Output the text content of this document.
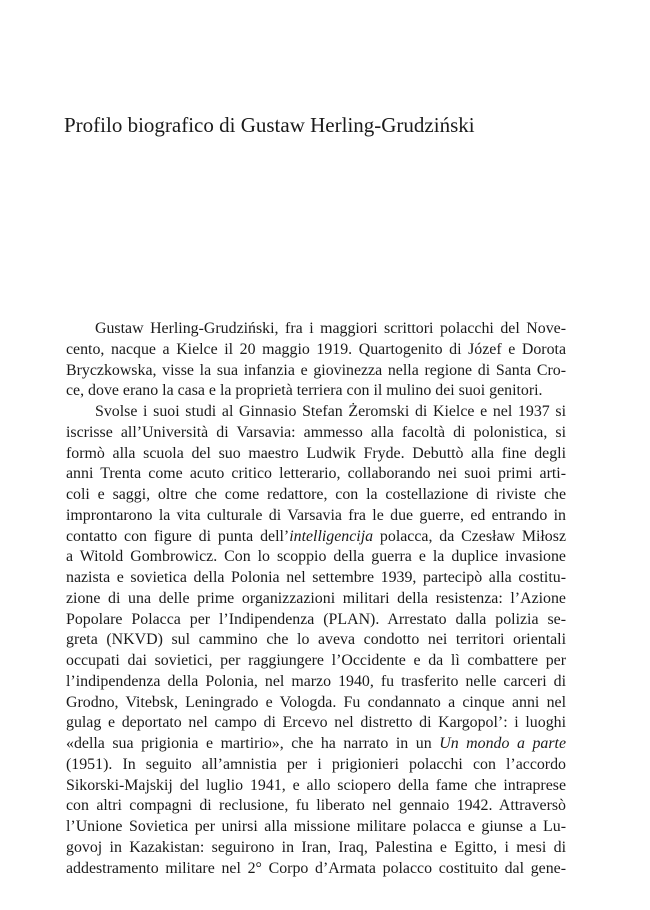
Profilo biografico di Gustaw Herling-Grudziński
Gustaw Herling-Grudziński, fra i maggiori scrittori polacchi del Nove-
cento, nacque a Kielce il 20 maggio 1919. Quartogenito di Józef e Dorota
Bryczkowska, visse la sua infanzia e giovinezza nella regione di Santa Cro-
ce, dove erano la casa e la proprietà terriera con il mulino dei suoi genitori.
Svolse i suoi studi al Ginnasio Stefan Żeromski di Kielce e nel 1937 si
iscrisse all’Università di Varsavia: ammesso alla facoltà di polonistica, si
formò alla scuola del suo maestro Ludwik Fryde. Debuttò alla fine degli
anni Trenta come acuto critico letterario, collaborando nei suoi primi arti-
coli e saggi, oltre che come redattore, con la costellazione di riviste che
improntarono la vita culturale di Varsavia fra le due guerre, ed entrando in
contatto con figure di punta dell’intelligencija polacca, da Czesław Miłosz
a Witold Gombrowicz. Con lo scoppio della guerra e la duplice invasione
nazista e sovietica della Polonia nel settembre 1939, partecipò alla costitu-
zione di una delle prime organizzazioni militari della resistenza: l’Azione
Popolare Polacca per l’Indipendenza (PLAN). Arrestato dalla polizia se-
greta (NKVD) sul cammino che lo aveva condotto nei territori orientali
occupati dai sovietici, per raggiungere l’Occidente e da lì combattere per
l’indipendenza della Polonia, nel marzo 1940, fu trasferito nelle carceri di
Grodno, Vitebsk, Leningrado e Vologda. Fu condannato a cinque anni nel
gulag e deportato nel campo di Ercevo nel distretto di Kargopol’: i luoghi
«della sua prigionia e martirio», che ha narrato in un Un mondo a parte
(1951). In seguito all’amnistia per i prigionieri polacchi con l’accordo
Sikorski-Majskij del luglio 1941, e allo sciopero della fame che intraprese
con altri compagni di reclusione, fu liberato nel gennaio 1942. Attraversò
l’Unione Sovietica per unirsi alla missione militare polacca e giunse a Lu-
govoj in Kazakistan: seguirono in Iran, Iraq, Palestina e Egitto, i mesi di
addestramento militare nel 2° Corpo d’Armata polacco costituito dal gene-
